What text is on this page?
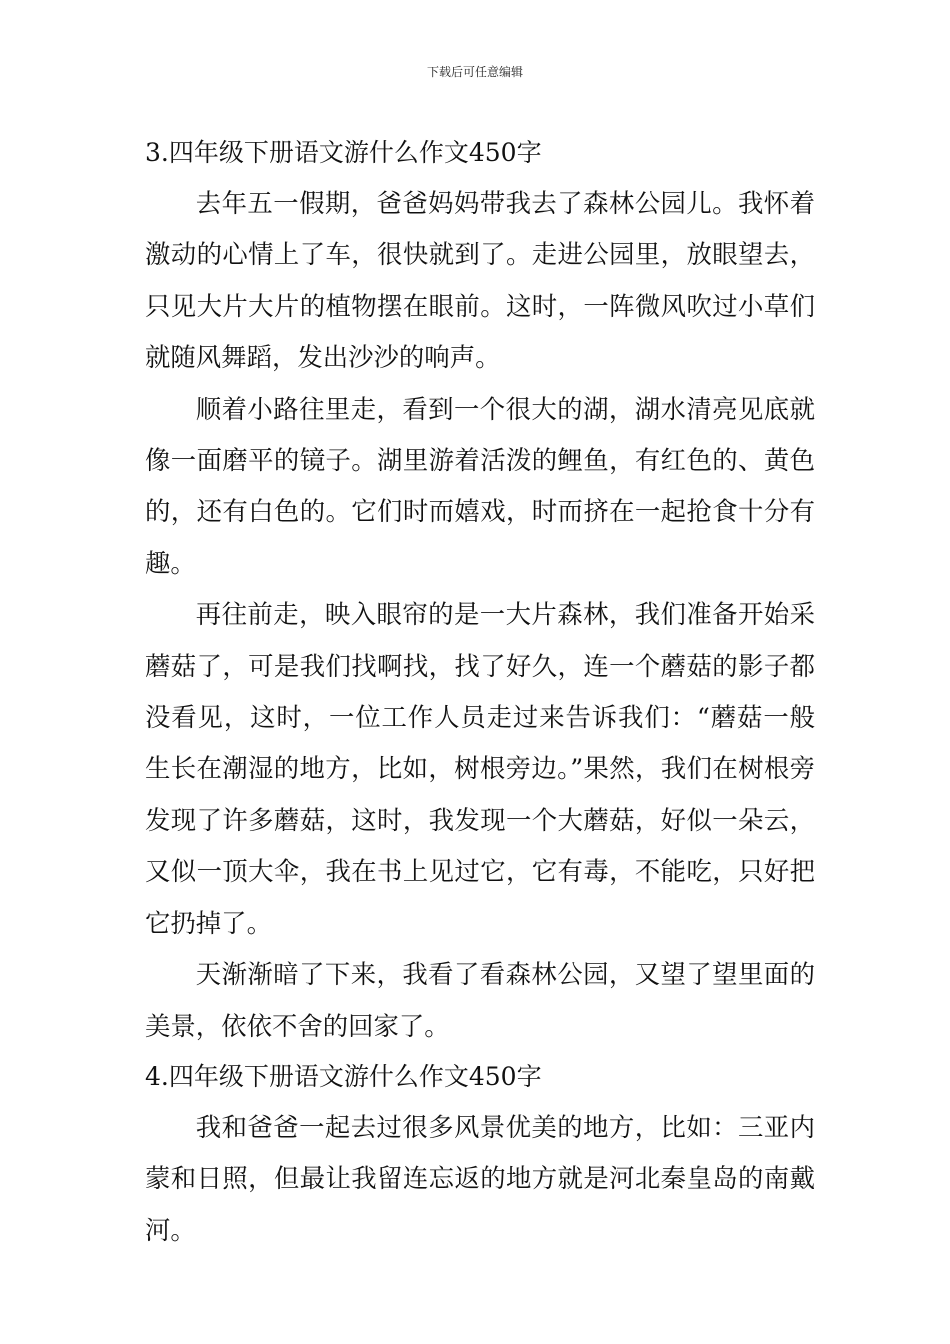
下载后可任意编辑
3.四年级下册语文游什么作文450字

去年五一假期，爸爸妈妈带我去了森林公园儿。我怀着激动的心情上了车，很快就到了。走进公园里，放眼望去，只见大片大片的植物摆在眼前。这时，一阵微风吹过小草们就随风舞蹈，发出沙沙的响声。

顺着小路往里走，看到一个很大的湖，湖水清亮见底就像一面磨平的镜子。湖里游着活泼的鲤鱼，有红色的、黄色的，还有白色的。它们时而嬉戏，时而挤在一起抢食十分有趣。

再往前走，映入眼帘的是一大片森林，我们准备开始采蘑菇了，可是我们找啊找，找了好久，连一个蘑菇的影子都没看见，这时，一位工作人员走过来告诉我们：“蘑菇一般生长在潮湿的地方，比如，树根旁边。”果然，我们在树根旁发现了许多蘑菇，这时，我发现一个大蘑菇，好似一朵云，又似一顶大伞，我在书上见过它，它有毒，不能吃，只好把它扔掉了。

天渐渐暗了下来，我看了看森林公园，又望了望里面的美景，依依不舍的回家了。

4.四年级下册语文游什么作文450字

我和爸爸一起去过很多风景优美的地方，比如：三亚内蒙和日照，但最让我留连忘返的地方就是河北秦皇岛的南戴河。
